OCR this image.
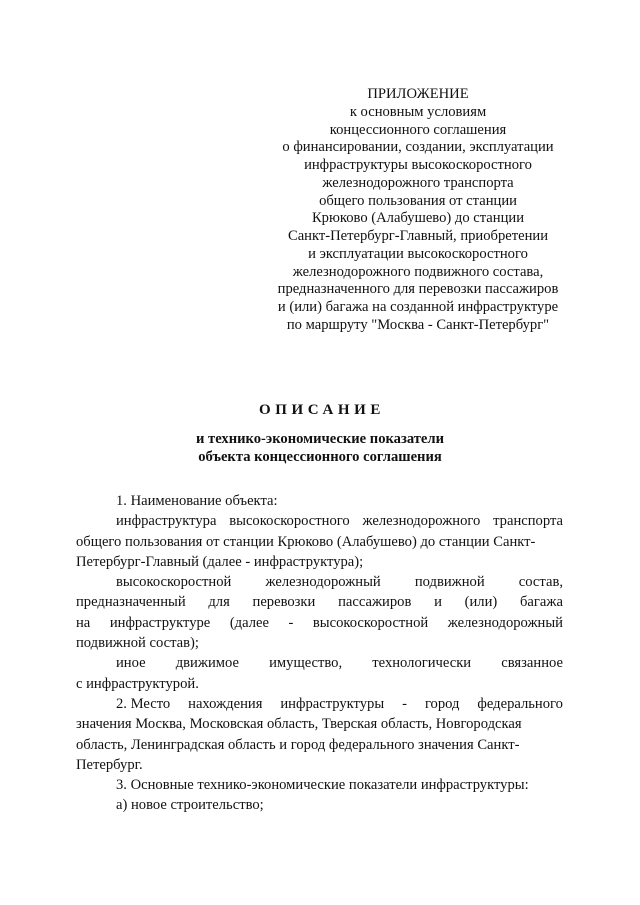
ПРИЛОЖЕНИЕ
к основным условиям
концессионного соглашения
о финансировании, создании, эксплуатации
инфраструктуры высокоскоростного
железнодорожного транспорта
общего пользования от станции
Крюково (Алабушево) до станции
Санкт-Петербург-Главный, приобретении
и эксплуатации высокоскоростного
железнодорожного подвижного состава,
предназначенного для перевозки пассажиров
и (или) багажа на созданной инфраструктуре
по маршруту "Москва - Санкт-Петербург"
ОПИСАНИЕ
и технико-экономические показатели
объекта концессионного соглашения
1. Наименование объекта:
инфраструктура высокоскоростного железнодорожного транспорта
общего пользования от станции Крюково (Алабушево) до станции Санкт-
Петербург-Главный (далее - инфраструктура);
высокоскоростной железнодорожный подвижной состав,
предназначенный для перевозки пассажиров и (или) багажа
на инфраструктуре (далее - высокоскоростной железнодорожный
подвижной состав);
иное движимое имущество, технологически связанное
с инфраструктурой.
2. Место нахождения инфраструктуры - город федерального
значения Москва, Московская область, Тверская область, Новгородская
область, Ленинградская область и город федерального значения Санкт-
Петербург.
3. Основные технико-экономические показатели инфраструктуры:
а) новое строительство;
